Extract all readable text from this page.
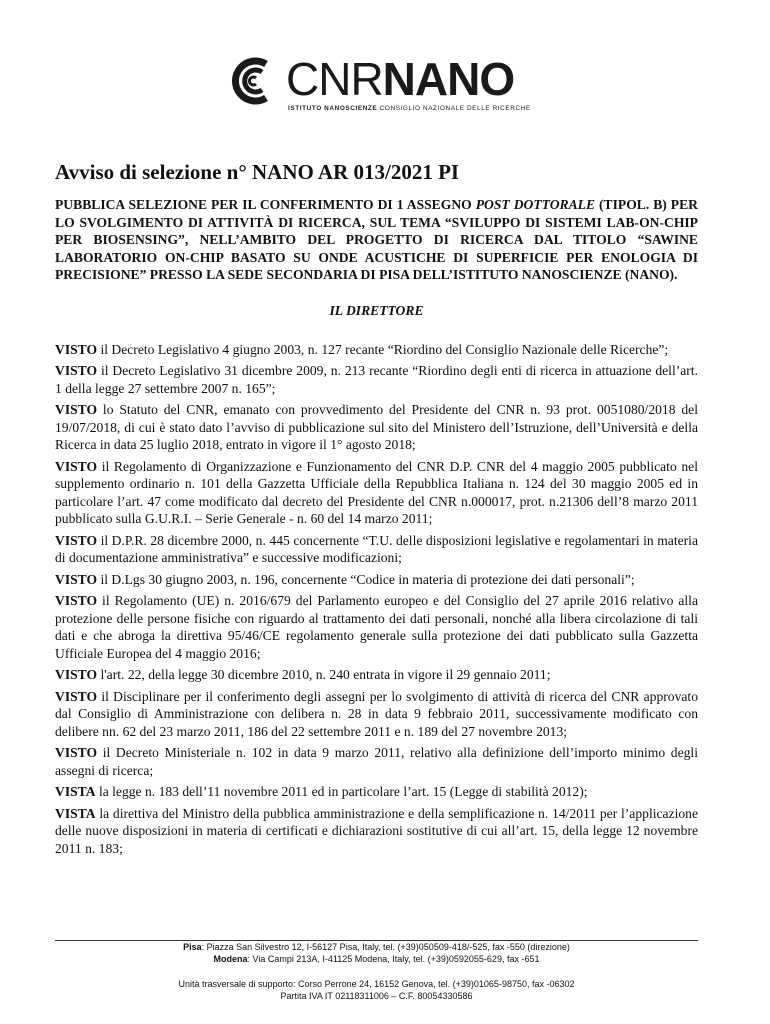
CNRNANO
ISTITUTO NANOSCIENZE CONSIGLIO NAZIONALE DELLE RICERCHE
Avviso di selezione n° NANO AR 013/2021 PI

PUBBLICA SELEZIONE PER IL CONFERIMENTO DI 1 ASSEGNO POST DOTTORALE (TIPOL. B) PER LO SVOLGIMENTO DI ATTIVITÀ DI RICERCA, SUL TEMA “SVILUPPO DI SISTEMI LAB-ON-CHIP PER BIOSENSING”, NELL’AMBITO DEL PROGETTO DI RICERCA DAL TITOLO “SAWINE LABORATORIO ON-CHIP BASATO SU ONDE ACUSTICHE DI SUPERFICIE PER ENOLOGIA DI PRECISIONE” PRESSO LA SEDE SECONDARIA DI PISA DELL’ISTITUTO NANOSCIENZE (NANO).

IL DIRETTORE

VISTO il Decreto Legislativo 4 giugno 2003, n. 127 recante “Riordino del Consiglio Nazionale delle Ricerche”;

VISTO il Decreto Legislativo 31 dicembre 2009, n. 213 recante “Riordino degli enti di ricerca in attuazione dell’art. 1 della legge 27 settembre 2007 n. 165”;

VISTO lo Statuto del CNR, emanato con provvedimento del Presidente del CNR n. 93 prot. 0051080/2018 del 19/07/2018, di cui è stato dato l’avviso di pubblicazione sul sito del Ministero dell’Istruzione, dell’Università e della Ricerca in data 25 luglio 2018, entrato in vigore il 1° agosto 2018;

VISTO il Regolamento di Organizzazione e Funzionamento del CNR D.P. CNR del 4 maggio 2005 pubblicato nel supplemento ordinario n. 101 della Gazzetta Ufficiale della Repubblica Italiana n. 124 del 30 maggio 2005 ed in particolare l’art. 47 come modificato dal decreto del Presidente del CNR n.000017, prot. n.21306 dell’8 marzo 2011 pubblicato sulla G.U.R.I. – Serie Generale - n. 60 del 14 marzo 2011;

VISTO il D.P.R. 28 dicembre 2000, n. 445 concernente “T.U. delle disposizioni legislative e regolamentari in materia di documentazione amministrativa” e successive modificazioni;

VISTO il D.Lgs 30 giugno 2003, n. 196, concernente “Codice in materia di protezione dei dati personali”;

VISTO il Regolamento (UE) n. 2016/679 del Parlamento europeo e del Consiglio del 27 aprile 2016 relativo alla protezione delle persone fisiche con riguardo al trattamento dei dati personali, nonché alla libera circolazione di tali dati e che abroga la direttiva 95/46/CE regolamento generale sulla protezione dei dati pubblicato sulla Gazzetta Ufficiale Europea del 4 maggio 2016;

VISTO l'art. 22, della legge 30 dicembre 2010, n. 240 entrata in vigore il 29 gennaio 2011;

VISTO il Disciplinare per il conferimento degli assegni per lo svolgimento di attività di ricerca del CNR approvato dal Consiglio di Amministrazione con delibera n. 28 in data 9 febbraio 2011, successivamente modificato con delibere nn. 62 del 23 marzo 2011, 186 del 22 settembre 2011 e n. 189 del 27 novembre 2013;

VISTO il Decreto Ministeriale n. 102 in data 9 marzo 2011, relativo alla definizione dell’importo minimo degli assegni di ricerca;

VISTA la legge n. 183 dell’11 novembre 2011 ed in particolare l’art. 15 (Legge di stabilità 2012);

VISTA la direttiva del Ministro della pubblica amministrazione e della semplificazione n. 14/2011 per l’applicazione delle nuove disposizioni in materia di certificati e dichiarazioni sostitutive di cui all’art. 15, della legge 12 novembre 2011 n. 183;

Pisa: Piazza San Silvestro 12, I-56127 Pisa, Italy, tel. (+39)050509-418/-525, fax -550 (direzione)
Modena: Via Campi 213A, I-41125 Modena, Italy, tel. (+39)0592055-629, fax -651
Unità trasversale di supporto: Corso Perrone 24, 16152 Genova, tel. (+39)01065-98750, fax -06302
Partita IVA IT 02118311006 – C.F. 80054330586
